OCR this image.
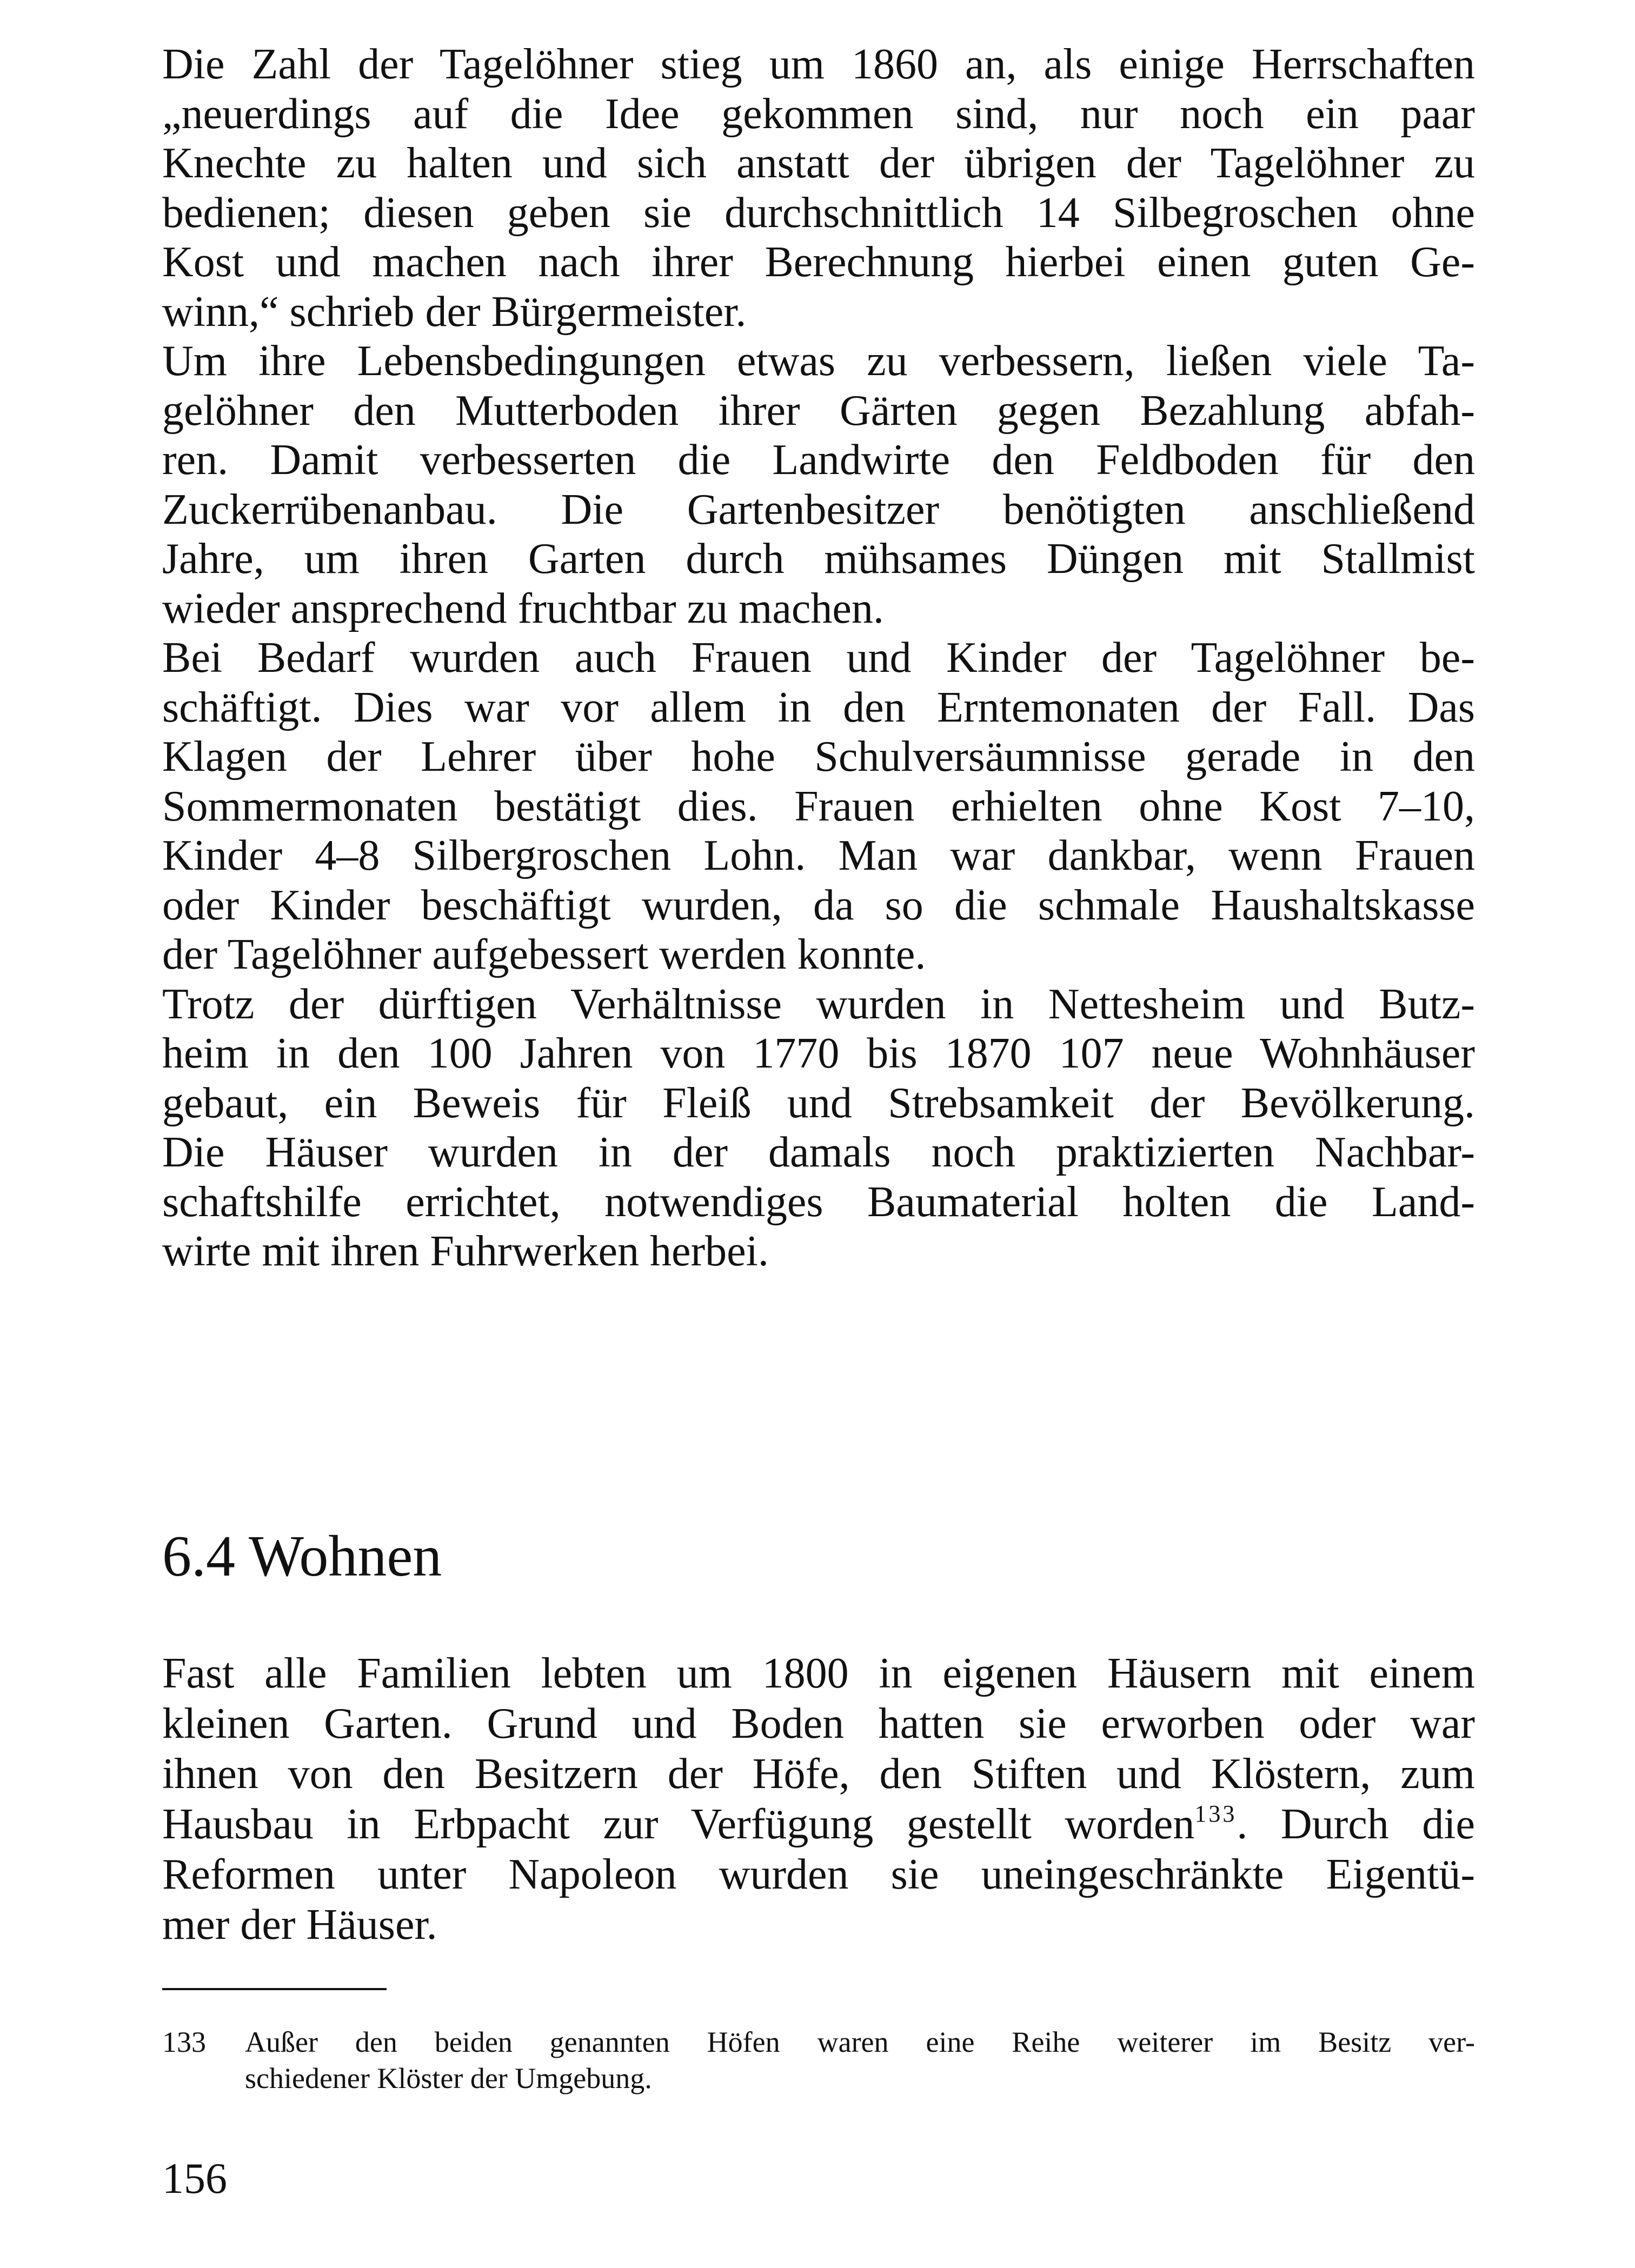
Die Zahl der Tagelöhner stieg um 1860 an, als einige Herrschaften
„neuerdings auf die Idee gekommen sind, nur noch ein paar
Knechte zu halten und sich anstatt der übrigen der Tagelöhner zu
bedienen; diesen geben sie durchschnittlich 14 Silbegroschen ohne
Kost und machen nach ihrer Berechnung hierbei einen guten Ge-
winn,“ schrieb der Bürgermeister.
Um ihre Lebensbedingungen etwas zu verbessern, ließen viele Ta-
gelöhner den Mutterboden ihrer Gärten gegen Bezahlung abfah-
ren. Damit verbesserten die Landwirte den Feldboden für den
Zuckerrübenanbau. Die Gartenbesitzer benötigten anschließend
Jahre, um ihren Garten durch mühsames Düngen mit Stallmist
wieder ansprechend fruchtbar zu machen.
Bei Bedarf wurden auch Frauen und Kinder der Tagelöhner be-
schäftigt. Dies war vor allem in den Erntemonaten der Fall. Das
Klagen der Lehrer über hohe Schulversäumnisse gerade in den
Sommermonaten bestätigt dies. Frauen erhielten ohne Kost 7–10,
Kinder 4–8 Silbergroschen Lohn. Man war dankbar, wenn Frauen
oder Kinder beschäftigt wurden, da so die schmale Haushaltskasse
der Tagelöhner aufgebessert werden konnte.
Trotz der dürftigen Verhältnisse wurden in Nettesheim und Butz-
heim in den 100 Jahren von 1770 bis 1870 107 neue Wohnhäuser
gebaut, ein Beweis für Fleiß und Strebsamkeit der Bevölkerung.
Die Häuser wurden in der damals noch praktizierten Nachbar-
schaftshilfe errichtet, notwendiges Baumaterial holten die Land-
wirte mit ihren Fuhrwerken herbei.
6.4 Wohnen
Fast alle Familien lebten um 1800 in eigenen Häusern mit einem
kleinen Garten. Grund und Boden hatten sie erworben oder war
ihnen von den Besitzern der Höfe, den Stiften und Klöstern, zum
Hausbau in Erbpacht zur Verfügung gestellt worden$^{133}$. Durch die
Reformen unter Napoleon wurden sie uneingeschränkte Eigentü-
mer der Häuser.
133 Außer den beiden genannten Höfen waren eine Reihe weiterer im Besitz ver-
schiedener Klöster der Umgebung.
156
